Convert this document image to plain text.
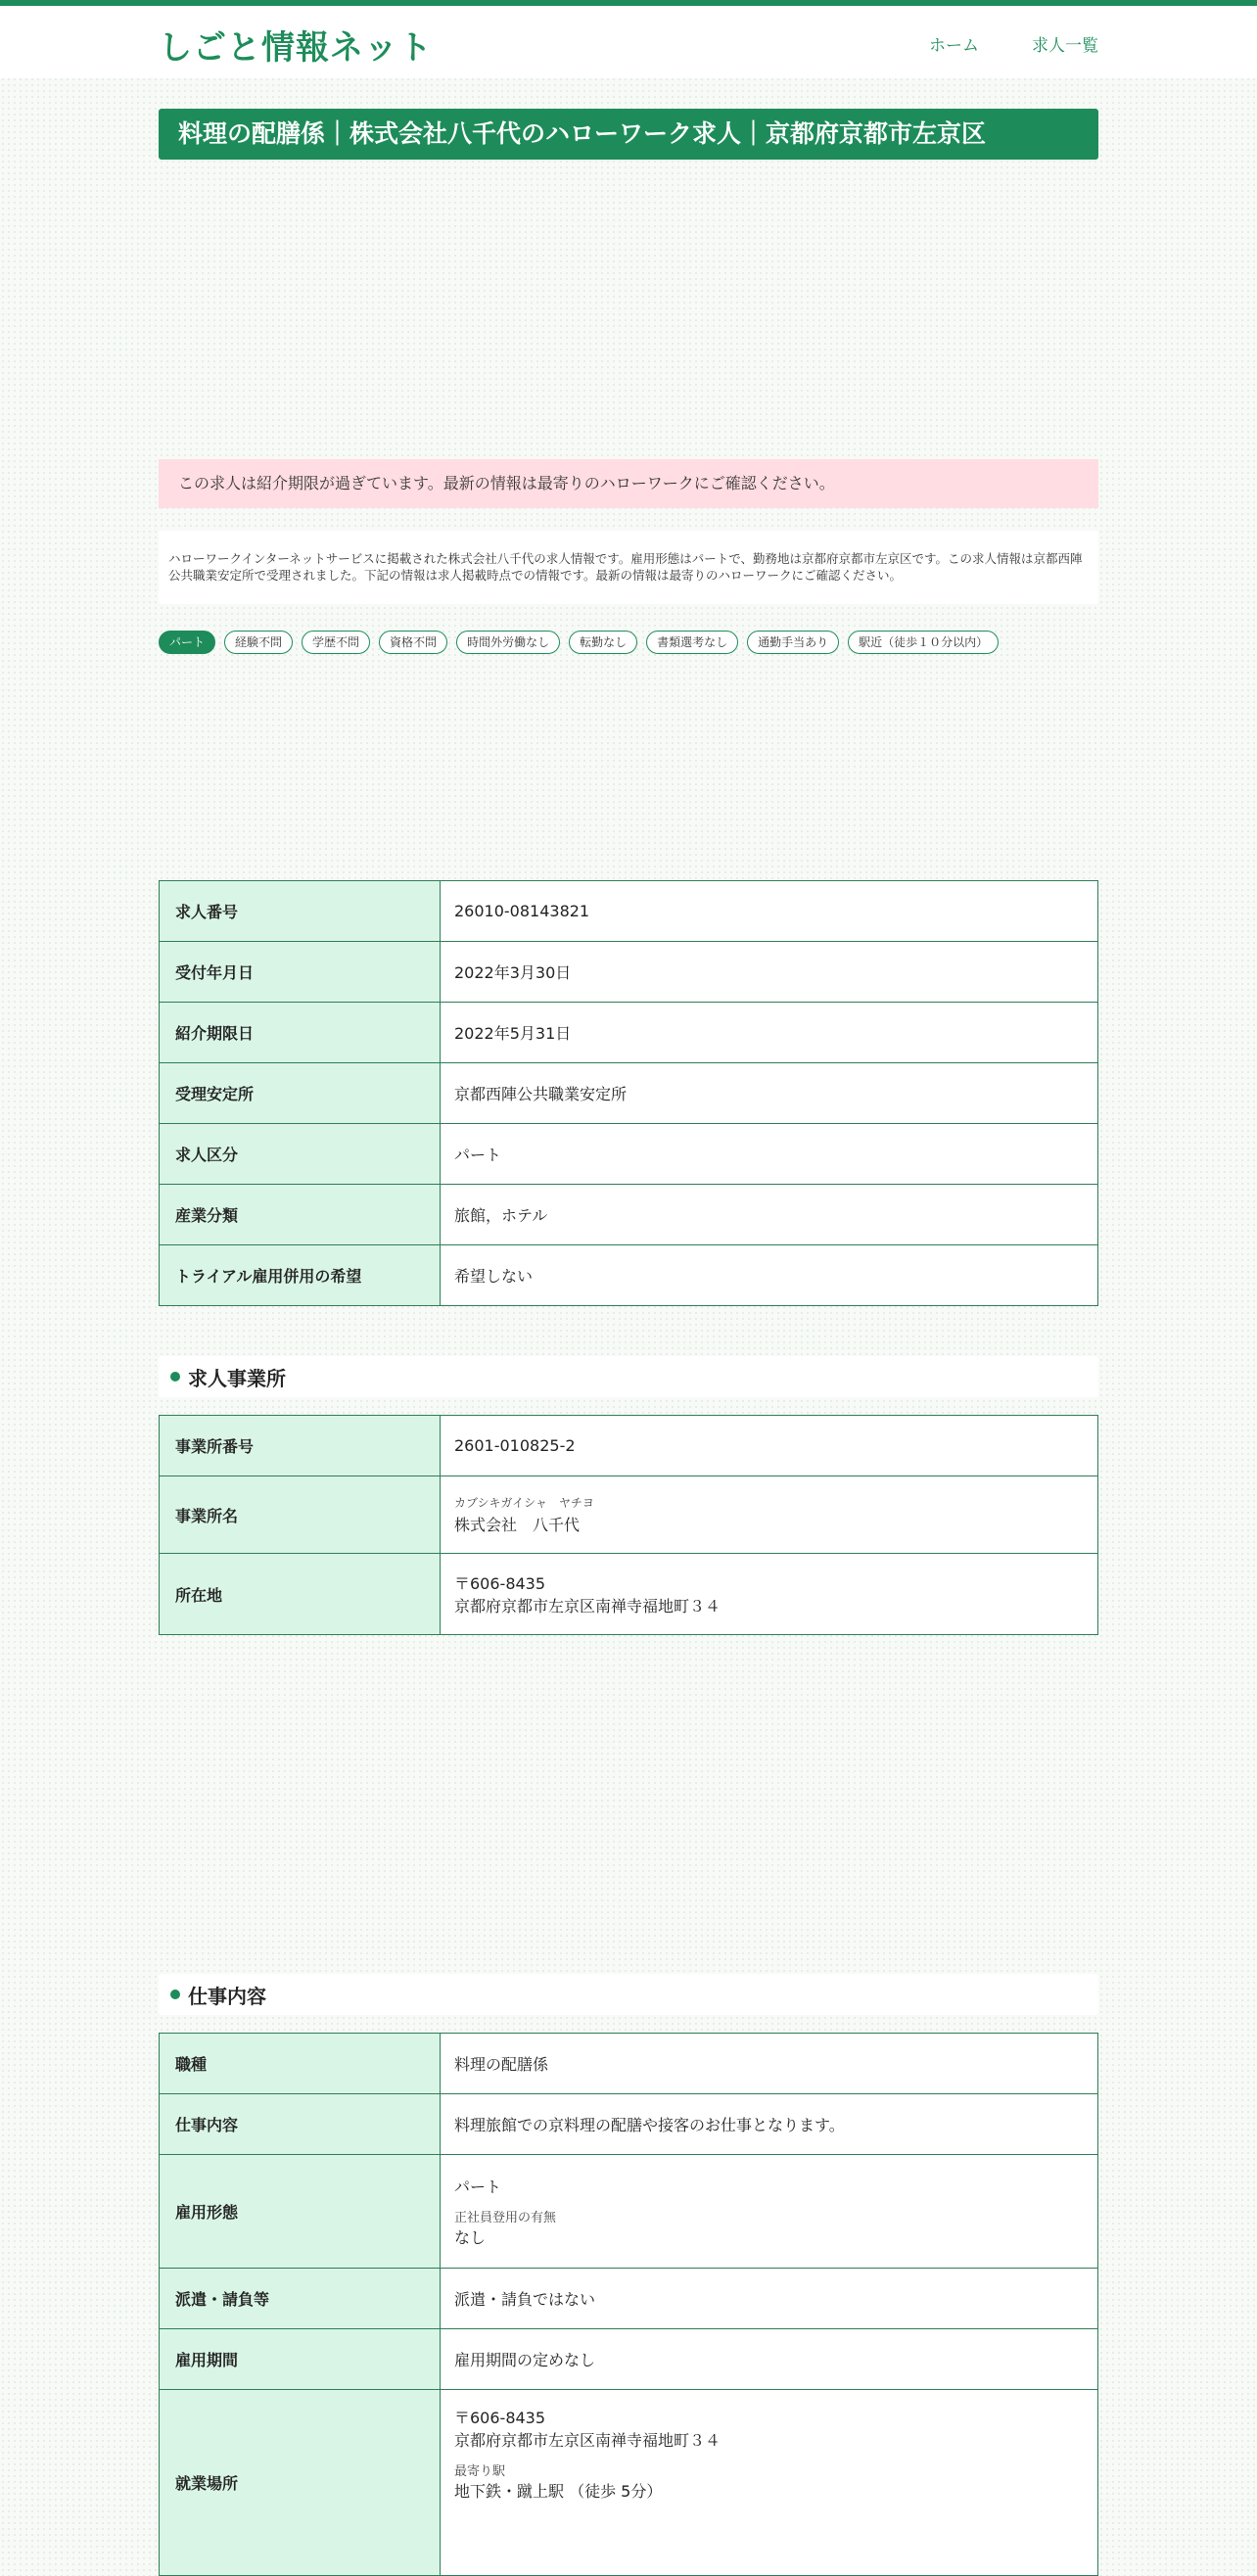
しごと情報ネット	ホーム	求人一覧
料理の配膳係｜株式会社八千代のハローワーク求人｜京都府京都市左京区
この求人は紹介期限が過ぎています。最新の情報は最寄りのハローワークにご確認ください。
ハローワークインターネットサービスに掲載された株式会社八千代の求人情報です。雇用形態はパートで、勤務地は京都府京都市左京区です。この求人情報は京都西陣公共職業安定所で受理されました。下記の情報は求人掲載時点での情報です。最新の情報は最寄りのハローワークにご確認ください。
パート	経験不問	学歴不問	資格不問	時間外労働なし	転勤なし	書類選考なし	通勤手当あり	駅近（徒歩１０分以内）
求人番号	26010-08143821
受付年月日	2022年3月30日
紹介期限日	2022年5月31日
受理安定所	京都西陣公共職業安定所
求人区分	パート
産業分類	旅館，ホテル
トライアル雇用併用の希望	希望しない
求人事業所
事業所番号	2601-010825-2
事業所名	カブシキガイシャ　ヤチヨ
株式会社　八千代

所在地	〒606-8435
京都府京都市左京区南禅寺福地町３４
仕事内容
職種	料理の配膳係
仕事内容	料理旅館での京料理の配膳や接客のお仕事となります。
雇用形態	パート
正社員登用の有無
なし

派遣・請負等	派遣・請負ではない
雇用期間	雇用期間の定めなし
就業場所	〒606-8435
京都府京都市左京区南禅寺福地町３４
最寄り駅
地下鉄・蹴上駅 （徒歩 5分）
